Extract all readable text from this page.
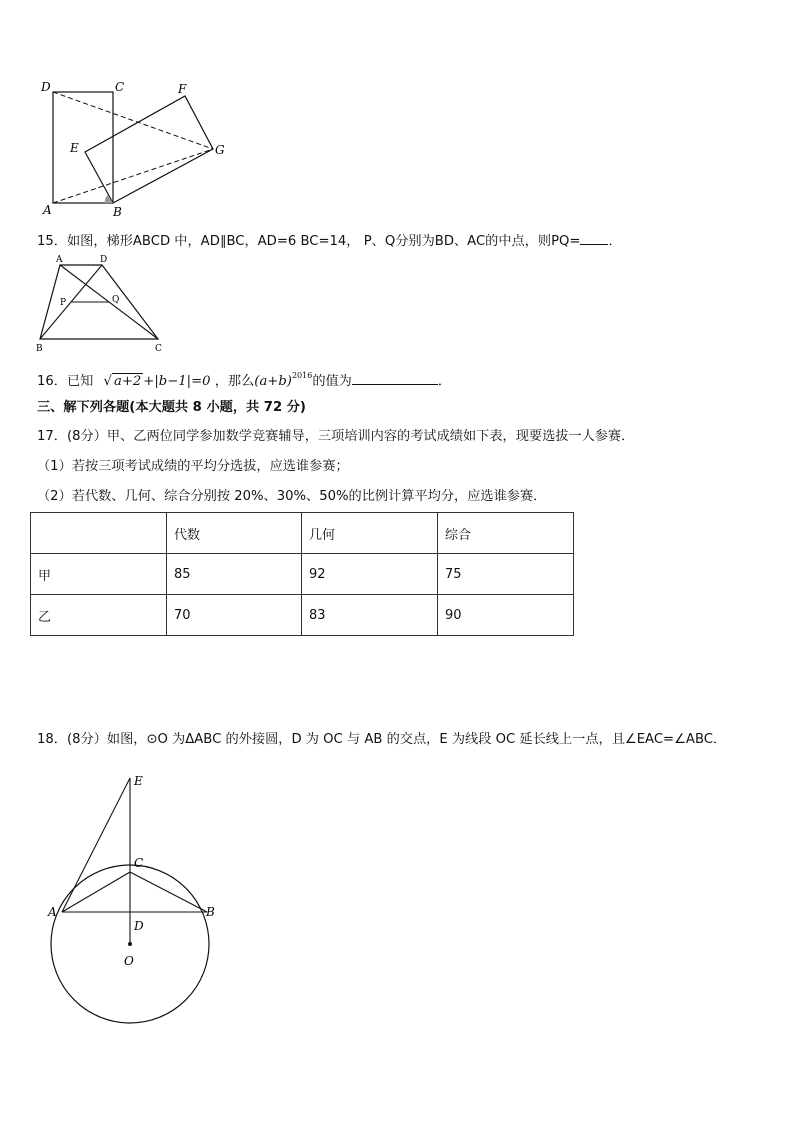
D	C	F
E	G
A	B
15．如图，梯形ABCD 中，AD∥BC，AD=6 BC=14， P、Q分别为BD、AC的中点，则PQ= ．
A	D
P	Q
B	C
16．已知 √ a+2 +|b−1|=0 ，那么$(a+b)^{2016}$的值为	．
三、解下列各题(本大题共 8 小题，共 72 分)
17．(8分）甲、乙两位同学参加数学竞赛辅导，三项培训内容的考试成绩如下表，现要选拔一人参赛．
（1）若按三项考试成绩的平均分选拔，应选谁参赛；
（2）若代数、几何、综合分别按 20%、30%、50%的比例计算平均分，应选谁参赛．
	代数	几何	综合
甲	85	92	75
乙	70	83	90
18．(8分）如图，⊙O 为ΔABC 的外接圆，D 为 OC 与 AB 的交点，E 为线段 OC 延长线上一点，且∠EAC=∠ABC．
E
C
A	B
D
O
